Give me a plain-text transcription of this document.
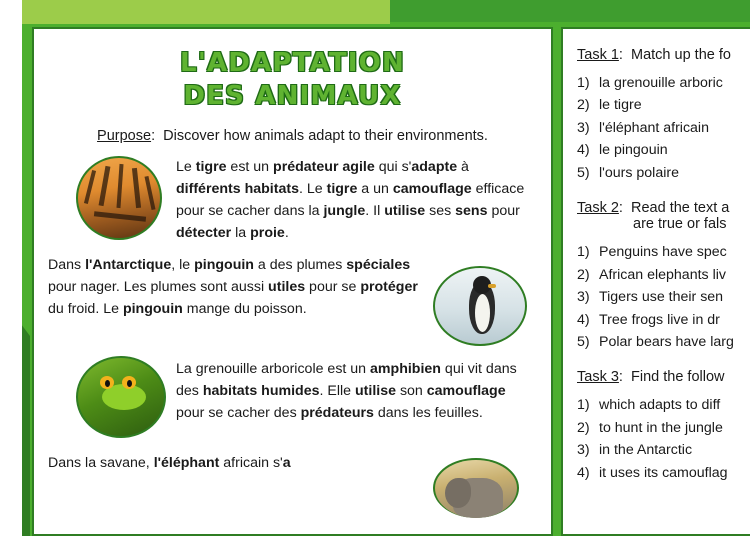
L'ADAPTATION
DES ANIMAUX
Purpose: Discover how animals adapt to their environments.
Le tigre est un prédateur agile qui s'adapte à différents habitats. Le tigre a un camouflage efficace pour se cacher dans la jungle. Il utilise ses sens pour détecter la proie.
Dans l'Antarctique, le pingouin a des plumes spéciales pour nager. Les plumes sont aussi utiles pour se protéger du froid. Le pingouin mange du poisson.
La grenouille arboricole est un amphibien qui vit dans des habitats humides. Elle utilise son camouflage pour se cacher des prédateurs dans les feuilles.
Dans la savane, l'éléphant africain s'a
Task 1:  Match up the fo
1) la grenouille arboric
2) le tigre
3) l'éléphant africain
4) le pingouin
5) l'ours polaire
Task 2:  Read the text a
are true or fals
1) Penguins have spec
2) African elephants liv
3) Tigers use their sen
4) Tree frogs live in dr
5) Polar bears have larg
Task 3:  Find the follow
1) which adapts to diff
2) to hunt in the jungle
3) in the Antarctic
4) it uses its camouflag
